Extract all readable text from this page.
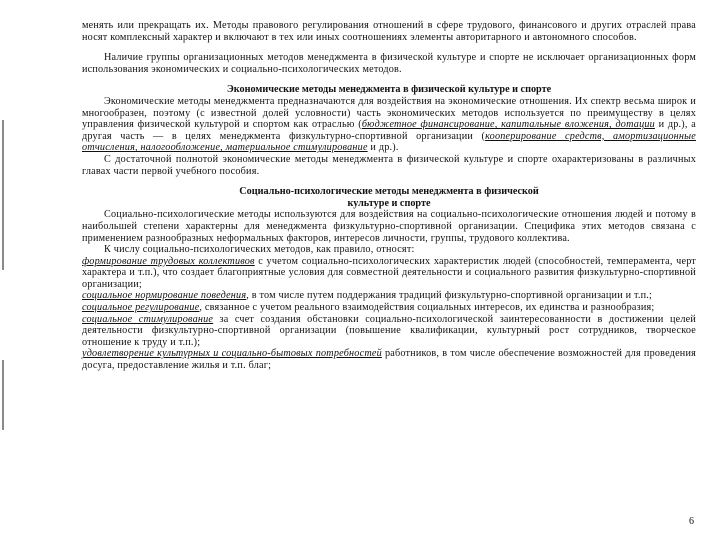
менять или прекращать их. Методы правового регулирования отношений в сфере трудового, финансового и других отраслей права носят комплексный характер и включают в тех или иных соотношениях элементы авторитарного и автономного способов.

Наличие группы организационных методов менеджмента в физической культуре и спорте не исключает организационных форм использования экономических и социально-психологических методов.

Экономические методы менеджмента в физической культуре и спорте

Экономические методы менеджмента предназначаются для воздействия на экономические отношения. Их спектр весьма широк и многообразен, поэтому (с известной долей условности) часть экономических методов используется по преимуществу в целях управления физической культурой и спортом как отраслью (бюджетное финансирование, капитальные вложения, дотации и др.), а другая часть — в целях менеджмента физкультурно-спортивной организации (кооперирование средств, амортизационные отчисления, налогообложение, материальное стимулирование и др.).

С достаточной полнотой экономические методы менеджмента в физической культуре и спорте охарактеризованы в различных главах части первой учебного пособия.

Социально-психологические методы менеджмента в физической

культуре и спорте

Социально-психологические методы используются для воздействия на социально-психологические отношения людей и потому в наибольшей степени характерны для менеджмента физкультурно-спортивной организации. Специфика этих методов связана с применением разнообразных неформальных факторов, интересов личности, группы, трудового коллектива.

К числу социально-психологических методов, как правило, относят:

формирование трудовых коллективов с учетом социально-психологических характеристик людей (способностей, темперамента, черт характера и т.п.), что создает благоприятные условия для совместной деятельности и социального развития физкультурно-спортивной организации;

социальное нормирование поведения, в том числе путем поддержания традиций физкультурно-спортивной организации и т.п.;

социальное регулирование, связанное с учетом реального взаимодействия социальных интересов, их единства и разнообразия;

социальное стимулирование за счет создания обстановки социально-психологической заинтересованности в достижении целей деятельности физкультурно-спортивной организации (повышение квалификации, культурный рост сотрудников, творческое отношение к труду и т.п.);

удовлетворение культурных и социально-бытовых потребностей работников, в том числе обеспечение возможностей для проведения досуга, предоставление жилья и т.п. благ;

6
